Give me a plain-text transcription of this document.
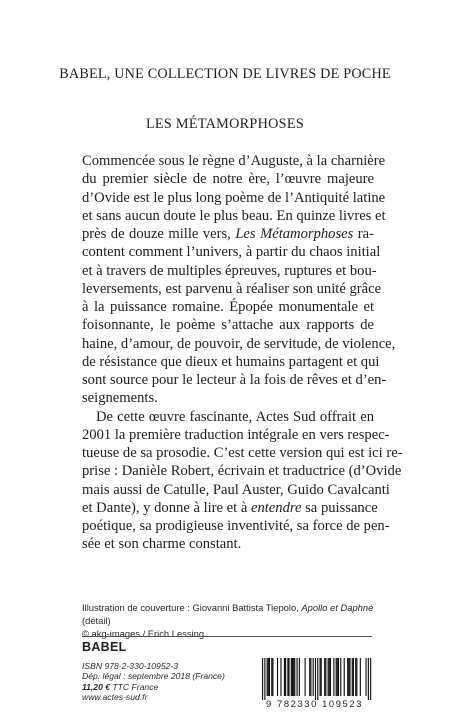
BABEL, UNE COLLECTION DE LIVRES DE POCHE
LES MÉTAMORPHOSES
Commencée sous le règne d’Auguste, à la charnière
du premier siècle de notre ère, l’œuvre majeure
d’Ovide est le plus long poème de l’Antiquité latine
et sans aucun doute le plus beau. En quinze livres et
près de douze mille vers, Les Métamorphoses ra-
content comment l’univers, à partir du chaos initial
et à travers de multiples épreuves, ruptures et bou-
leversements, est parvenu à réaliser son unité grâce
à la puissance romaine. Épopée monumentale et
foisonnante, le poème s’attache aux rapports de
haine, d’amour, de pouvoir, de servitude, de violence,
de résistance que dieux et humains partagent et qui
sont source pour le lecteur à la fois de rêves et d’en-
seignements.
De cette œuvre fascinante, Actes Sud offrait en
2001 la première traduction intégrale en vers respec-
tueuse de sa prosodie. C’est cette version qui est ici re-
prise : Danièle Robert, écrivain et traductrice (d’Ovide
mais aussi de Catulle, Paul Auster, Guido Cavalcanti
et Dante), y donne à lire et à entendre sa puissance
poétique, sa prodigieuse inventivité, sa force de pen-
sée et son charme constant.
Illustration de couverture : Giovanni Battista Tiepolo, Apollo et Daphné (détail)
© akg-images / Erich Lessing
BABEL
ISBN 978-2-330-10952-3
Dép. légal : septembre 2018 (France)
11,20 € TTC France
www.actes-sud.fr
9 782330 109523
